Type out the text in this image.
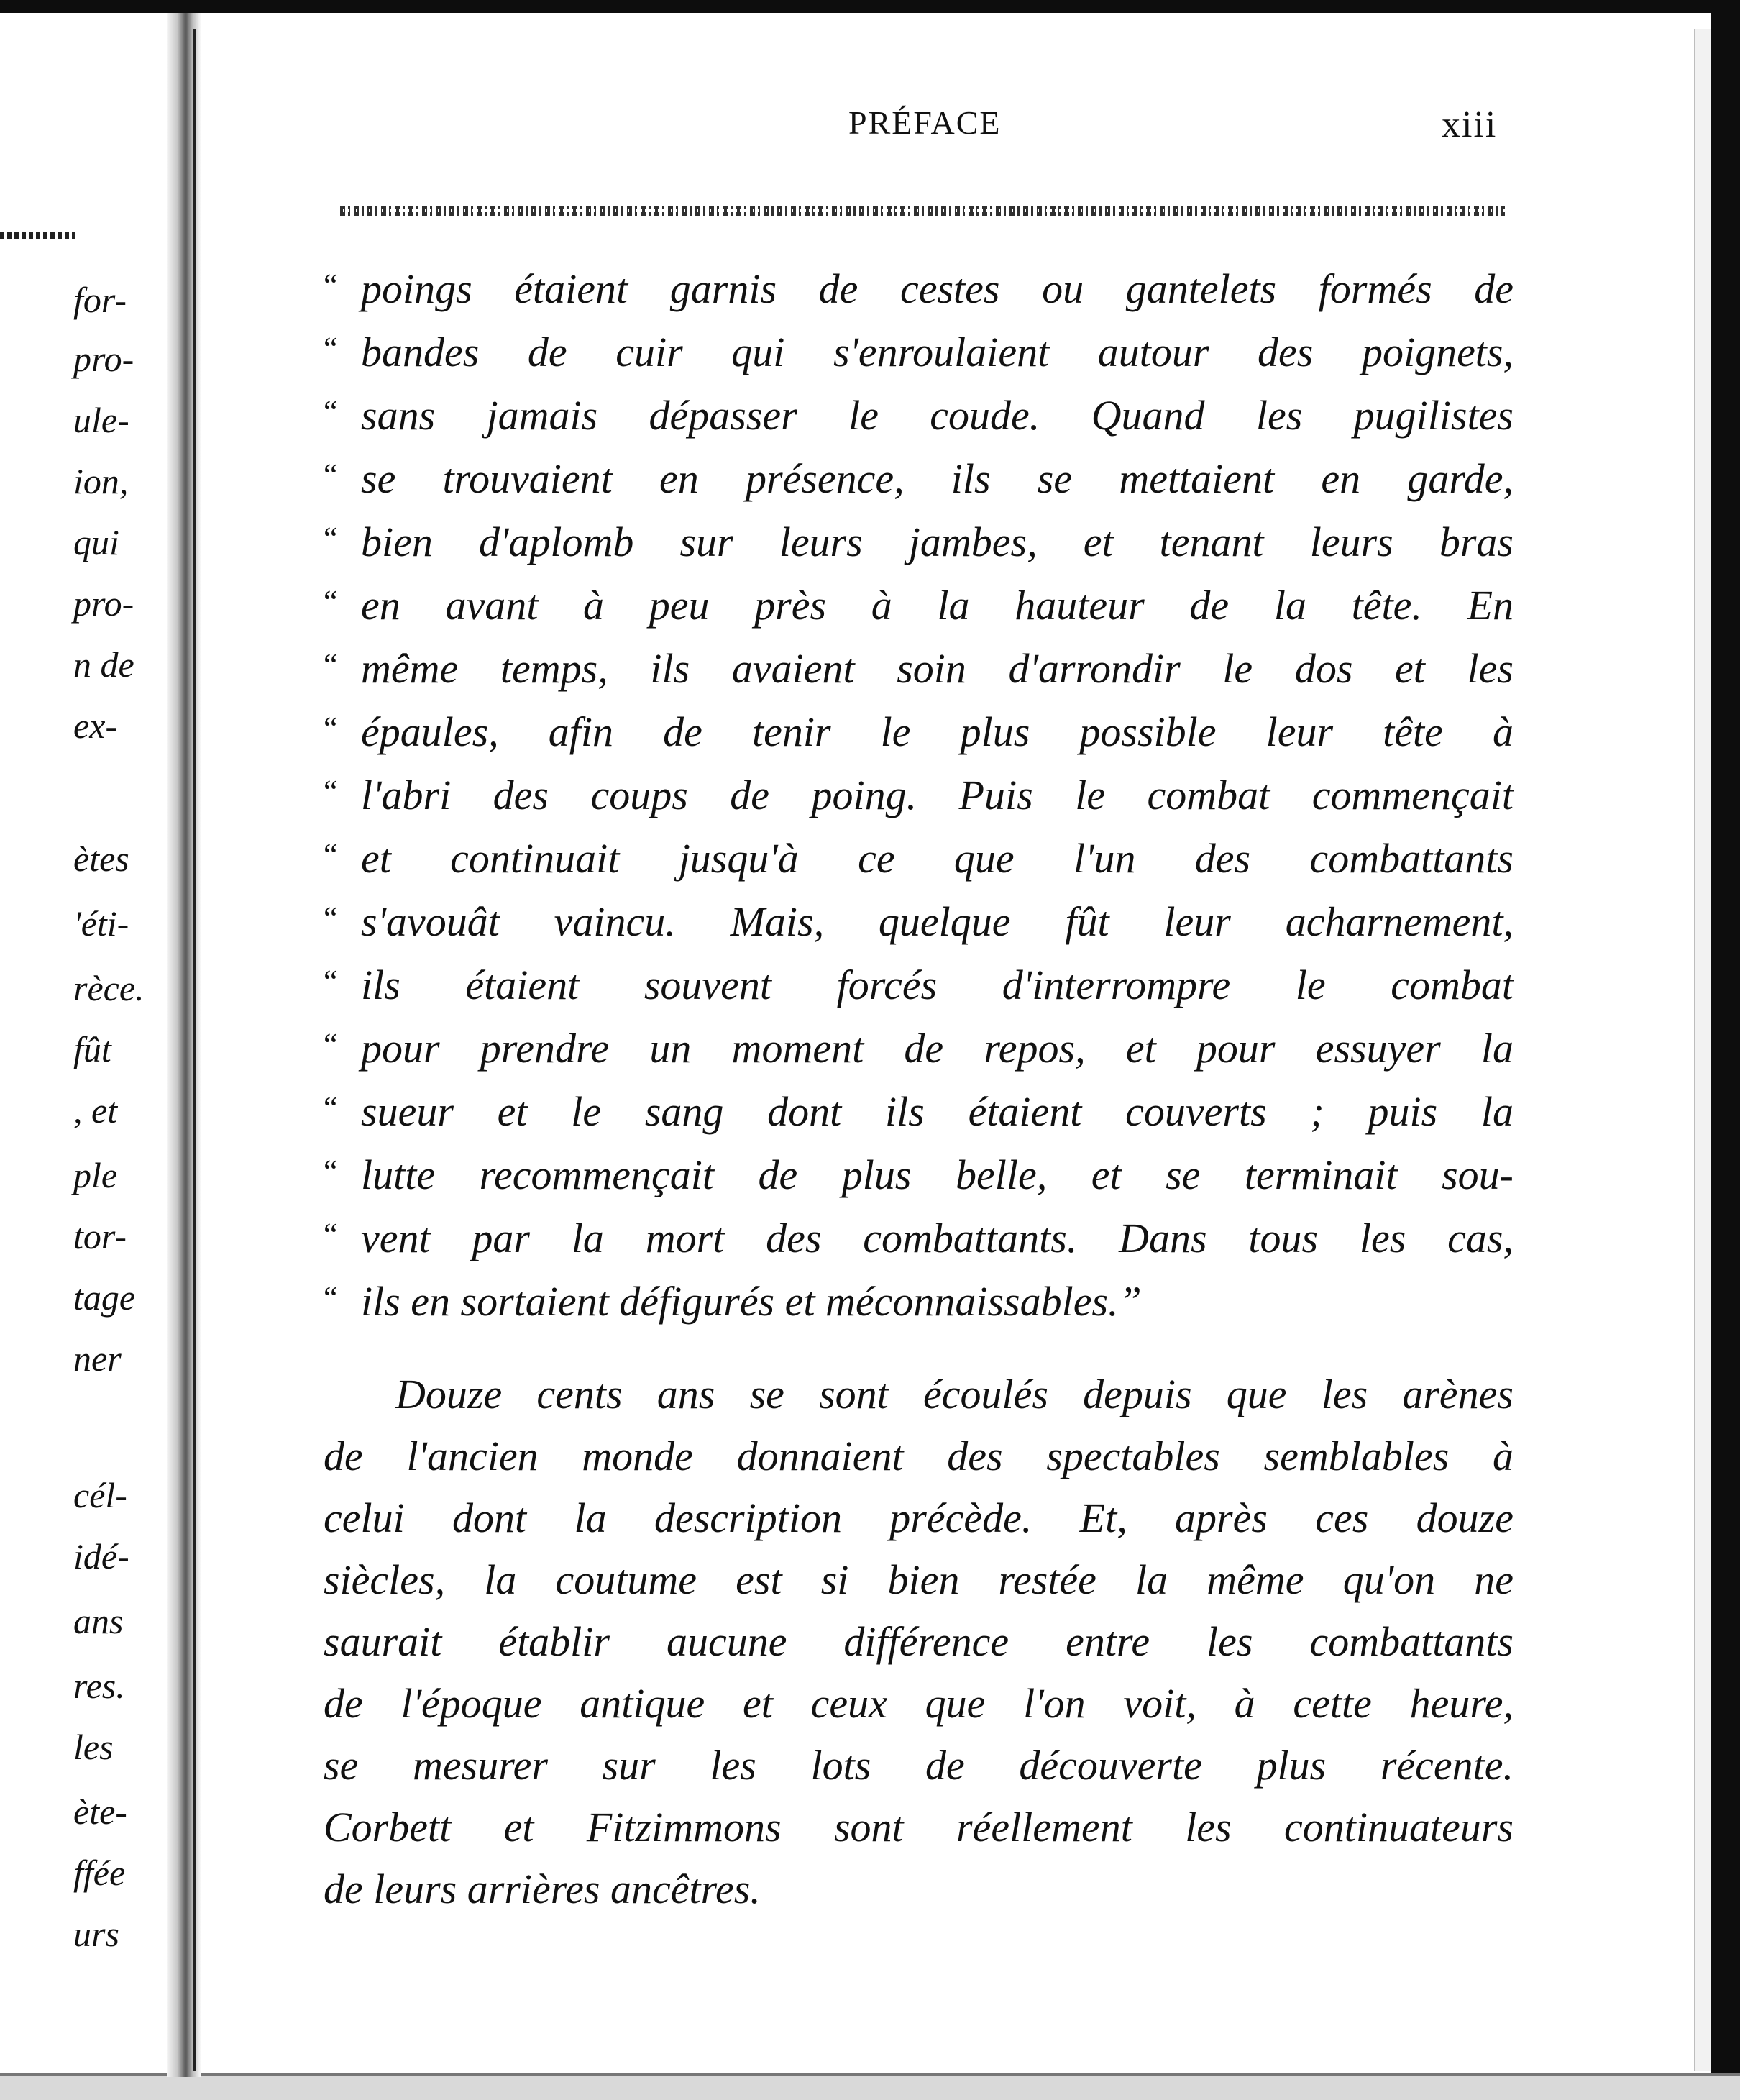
for-
pro-
ule-
ion,
qui
pro-
n de
ex-
ètes
'éti-
rèce.
fût
, et
ple
tor-
tage
ner
cél-
idé-
ans
res.
les
ète-
ffée
urs
PRÉFACE	xiii
“ poings étaient garnis de cestes ou gantelets formés de
“ bandes de cuir qui s'enroulaient autour des poignets,
“ sans jamais dépasser le coude. Quand les pugilistes
“ se trouvaient en présence, ils se mettaient en garde,
“ bien d'aplomb sur leurs jambes, et tenant leurs bras
“ en avant à peu près à la hauteur de la tête. En
“ même temps, ils avaient soin d'arrondir le dos et les
“ épaules, afin de tenir le plus possible leur tête à
“ l'abri des coups de poing. Puis le combat commençait
“ et continuait jusqu'à ce que l'un des combattants
“ s'avouât vaincu. Mais, quelque fût leur acharnement,
“ ils étaient souvent forcés d'interrompre le combat
“ pour prendre un moment de repos, et pour essuyer la
“ sueur et le sang dont ils étaient couverts ; puis la
“ lutte recommençait de plus belle, et se terminait sou-
“ vent par la mort des combattants. Dans tous les cas,
“ ils en sortaient défigurés et méconnaissables.”
Douze cents ans se sont écoulés depuis que les arènes
de l'ancien monde donnaient des spectables semblables à
celui dont la description précède. Et, après ces douze
siècles, la coutume est si bien restée la même qu'on ne
saurait établir aucune différence entre les combattants
de l'époque antique et ceux que l'on voit, à cette heure,
se mesurer sur les lots de découverte plus récente.
Corbett et Fitzimmons sont réellement les continuateurs
de leurs arrières ancêtres.
